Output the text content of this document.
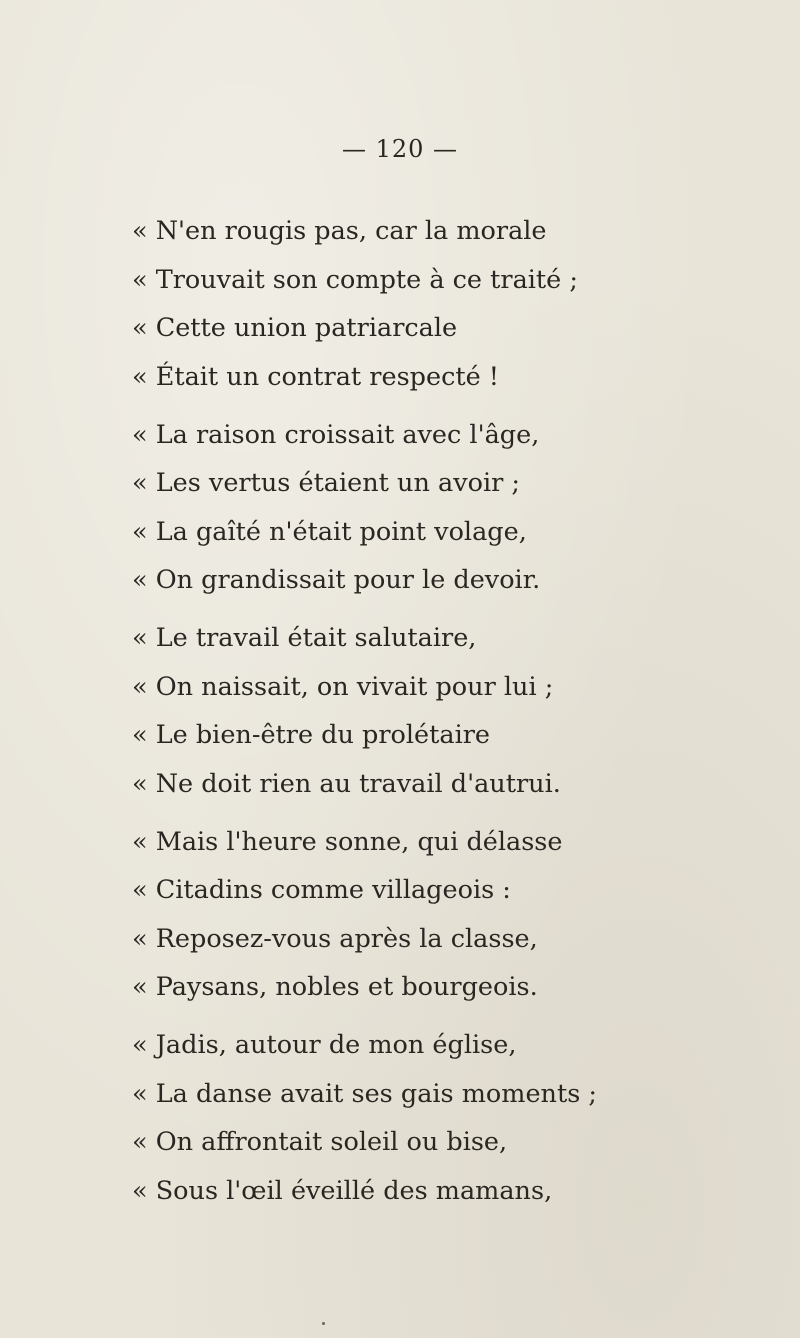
— 120 —
« N'en rougis pas, car la morale
« Trouvait son compte à ce traité ;
« Cette union patriarcale
« Était un contrat respecté !
« La raison croissait avec l'âge,
« Les vertus étaient un avoir ;
« La gaîté n'était point volage,
« On grandissait pour le devoir.
« Le travail était salutaire,
« On naissait, on vivait pour lui ;
« Le bien-être du prolétaire
« Ne doit rien au travail d'autrui.
« Mais l'heure sonne, qui délasse
« Citadins comme villageois :
« Reposez-vous après la classe,
« Paysans, nobles et bourgeois.
« Jadis, autour de mon église,
« La danse avait ses gais moments ;
« On affrontait soleil ou bise,
« Sous l'œil éveillé des mamans,
